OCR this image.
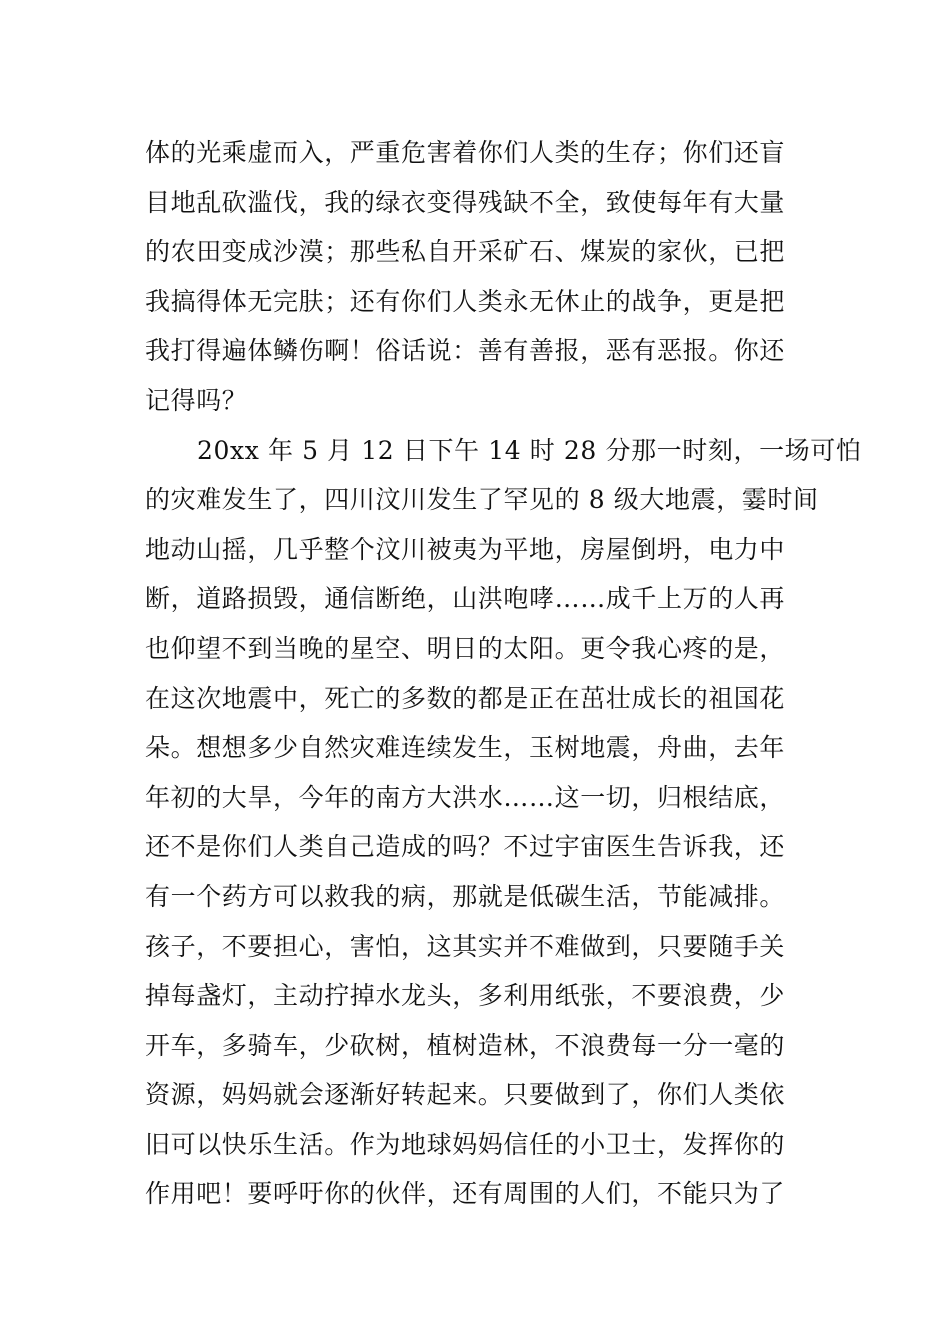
体的光乘虚而入，严重危害着你们人类的生存；你们还盲
目地乱砍滥伐，我的绿衣变得残缺不全，致使每年有大量
的农田变成沙漠；那些私自开采矿石、煤炭的家伙，已把
我搞得体无完肤；还有你们人类永无休止的战争，更是把
我打得遍体鳞伤啊！俗话说：善有善报，恶有恶报。你还
记得吗？
20xx 年 5 月 12 日下午 14 时 28 分那一时刻，一场可怕
的灾难发生了，四川汶川发生了罕见的 8 级大地震，霎时间
地动山摇，几乎整个汶川被夷为平地，房屋倒坍，电力中
断，道路损毁，通信断绝，山洪咆哮……成千上万的人再
也仰望不到当晚的星空、明日的太阳。更令我心疼的是，
在这次地震中，死亡的多数的都是正在茁壮成长的祖国花
朵。想想多少自然灾难连续发生，玉树地震，舟曲，去年
年初的大旱，今年的南方大洪水……这一切，归根结底，
还不是你们人类自己造成的吗？不过宇宙医生告诉我，还
有一个药方可以救我的病，那就是低碳生活，节能减排。
孩子，不要担心，害怕，这其实并不难做到，只要随手关
掉每盏灯，主动拧掉水龙头，多利用纸张，不要浪费，少
开车，多骑车，少砍树，植树造林，不浪费每一分一毫的
资源，妈妈就会逐渐好转起来。只要做到了，你们人类依
旧可以快乐生活。作为地球妈妈信任的小卫士，发挥你的
作用吧！要呼吁你的伙伴，还有周围的人们，不能只为了
